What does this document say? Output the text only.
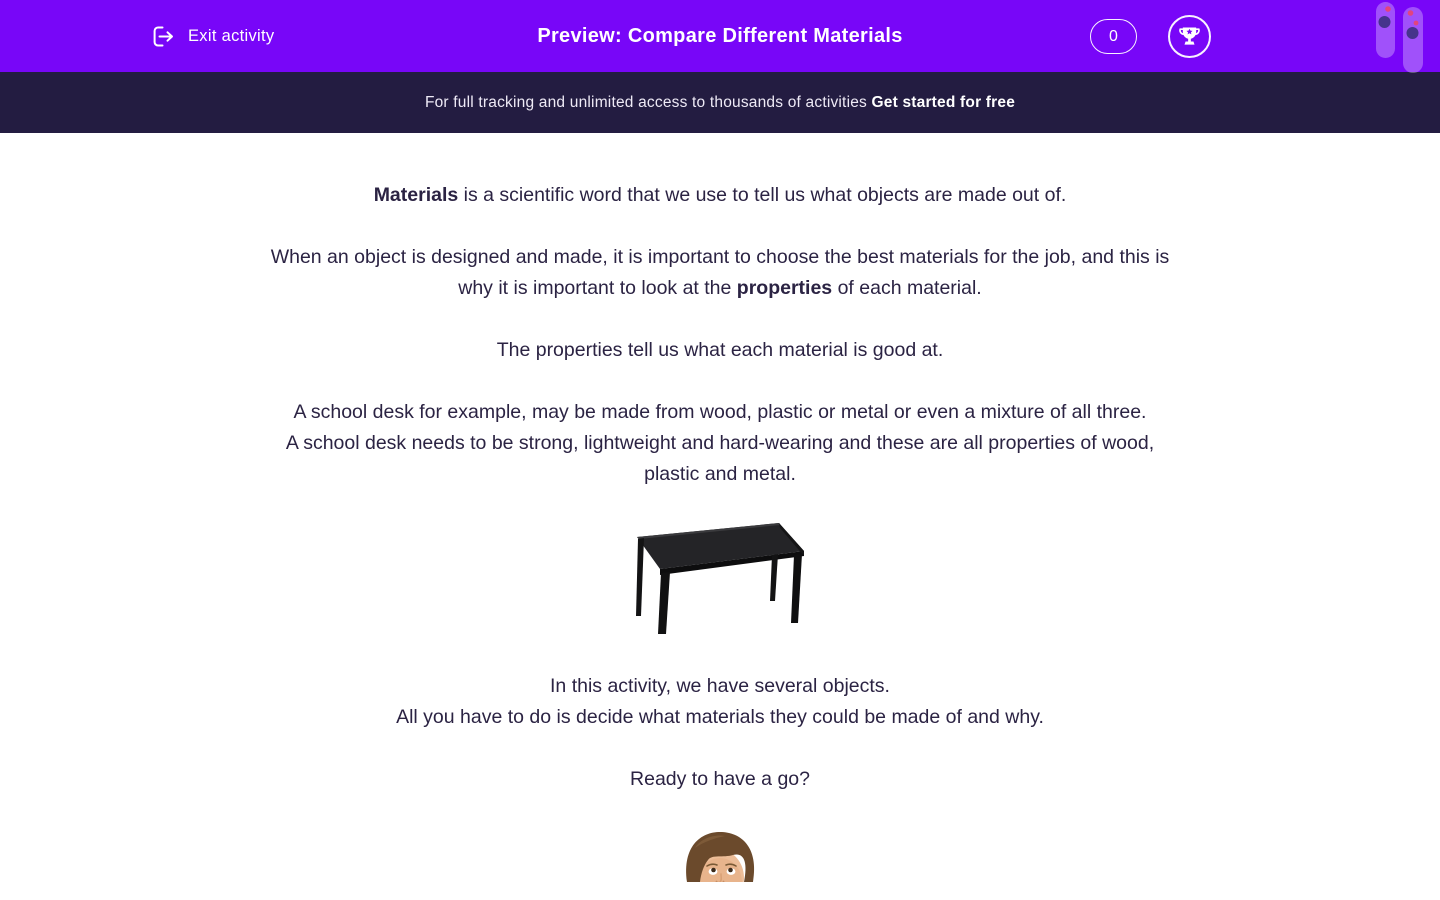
Exit activity	Preview: Compare Different Materials	0
For full tracking and unlimited access to thousands of activities Get started for free

Materials is a scientific word that we use to tell us what objects are made out of.

When an object is designed and made, it is important to choose the best materials for the job, and this is
why it is important to look at the properties of each material.

The properties tell us what each material is good at.

A school desk for example, may be made from wood, plastic or metal or even a mixture of all three.
A school desk needs to be strong, lightweight and hard-wearing and these are all properties of wood,
plastic and metal.

In this activity, we have several objects.
All you have to do is decide what materials they could be made of and why.

Ready to have a go?
